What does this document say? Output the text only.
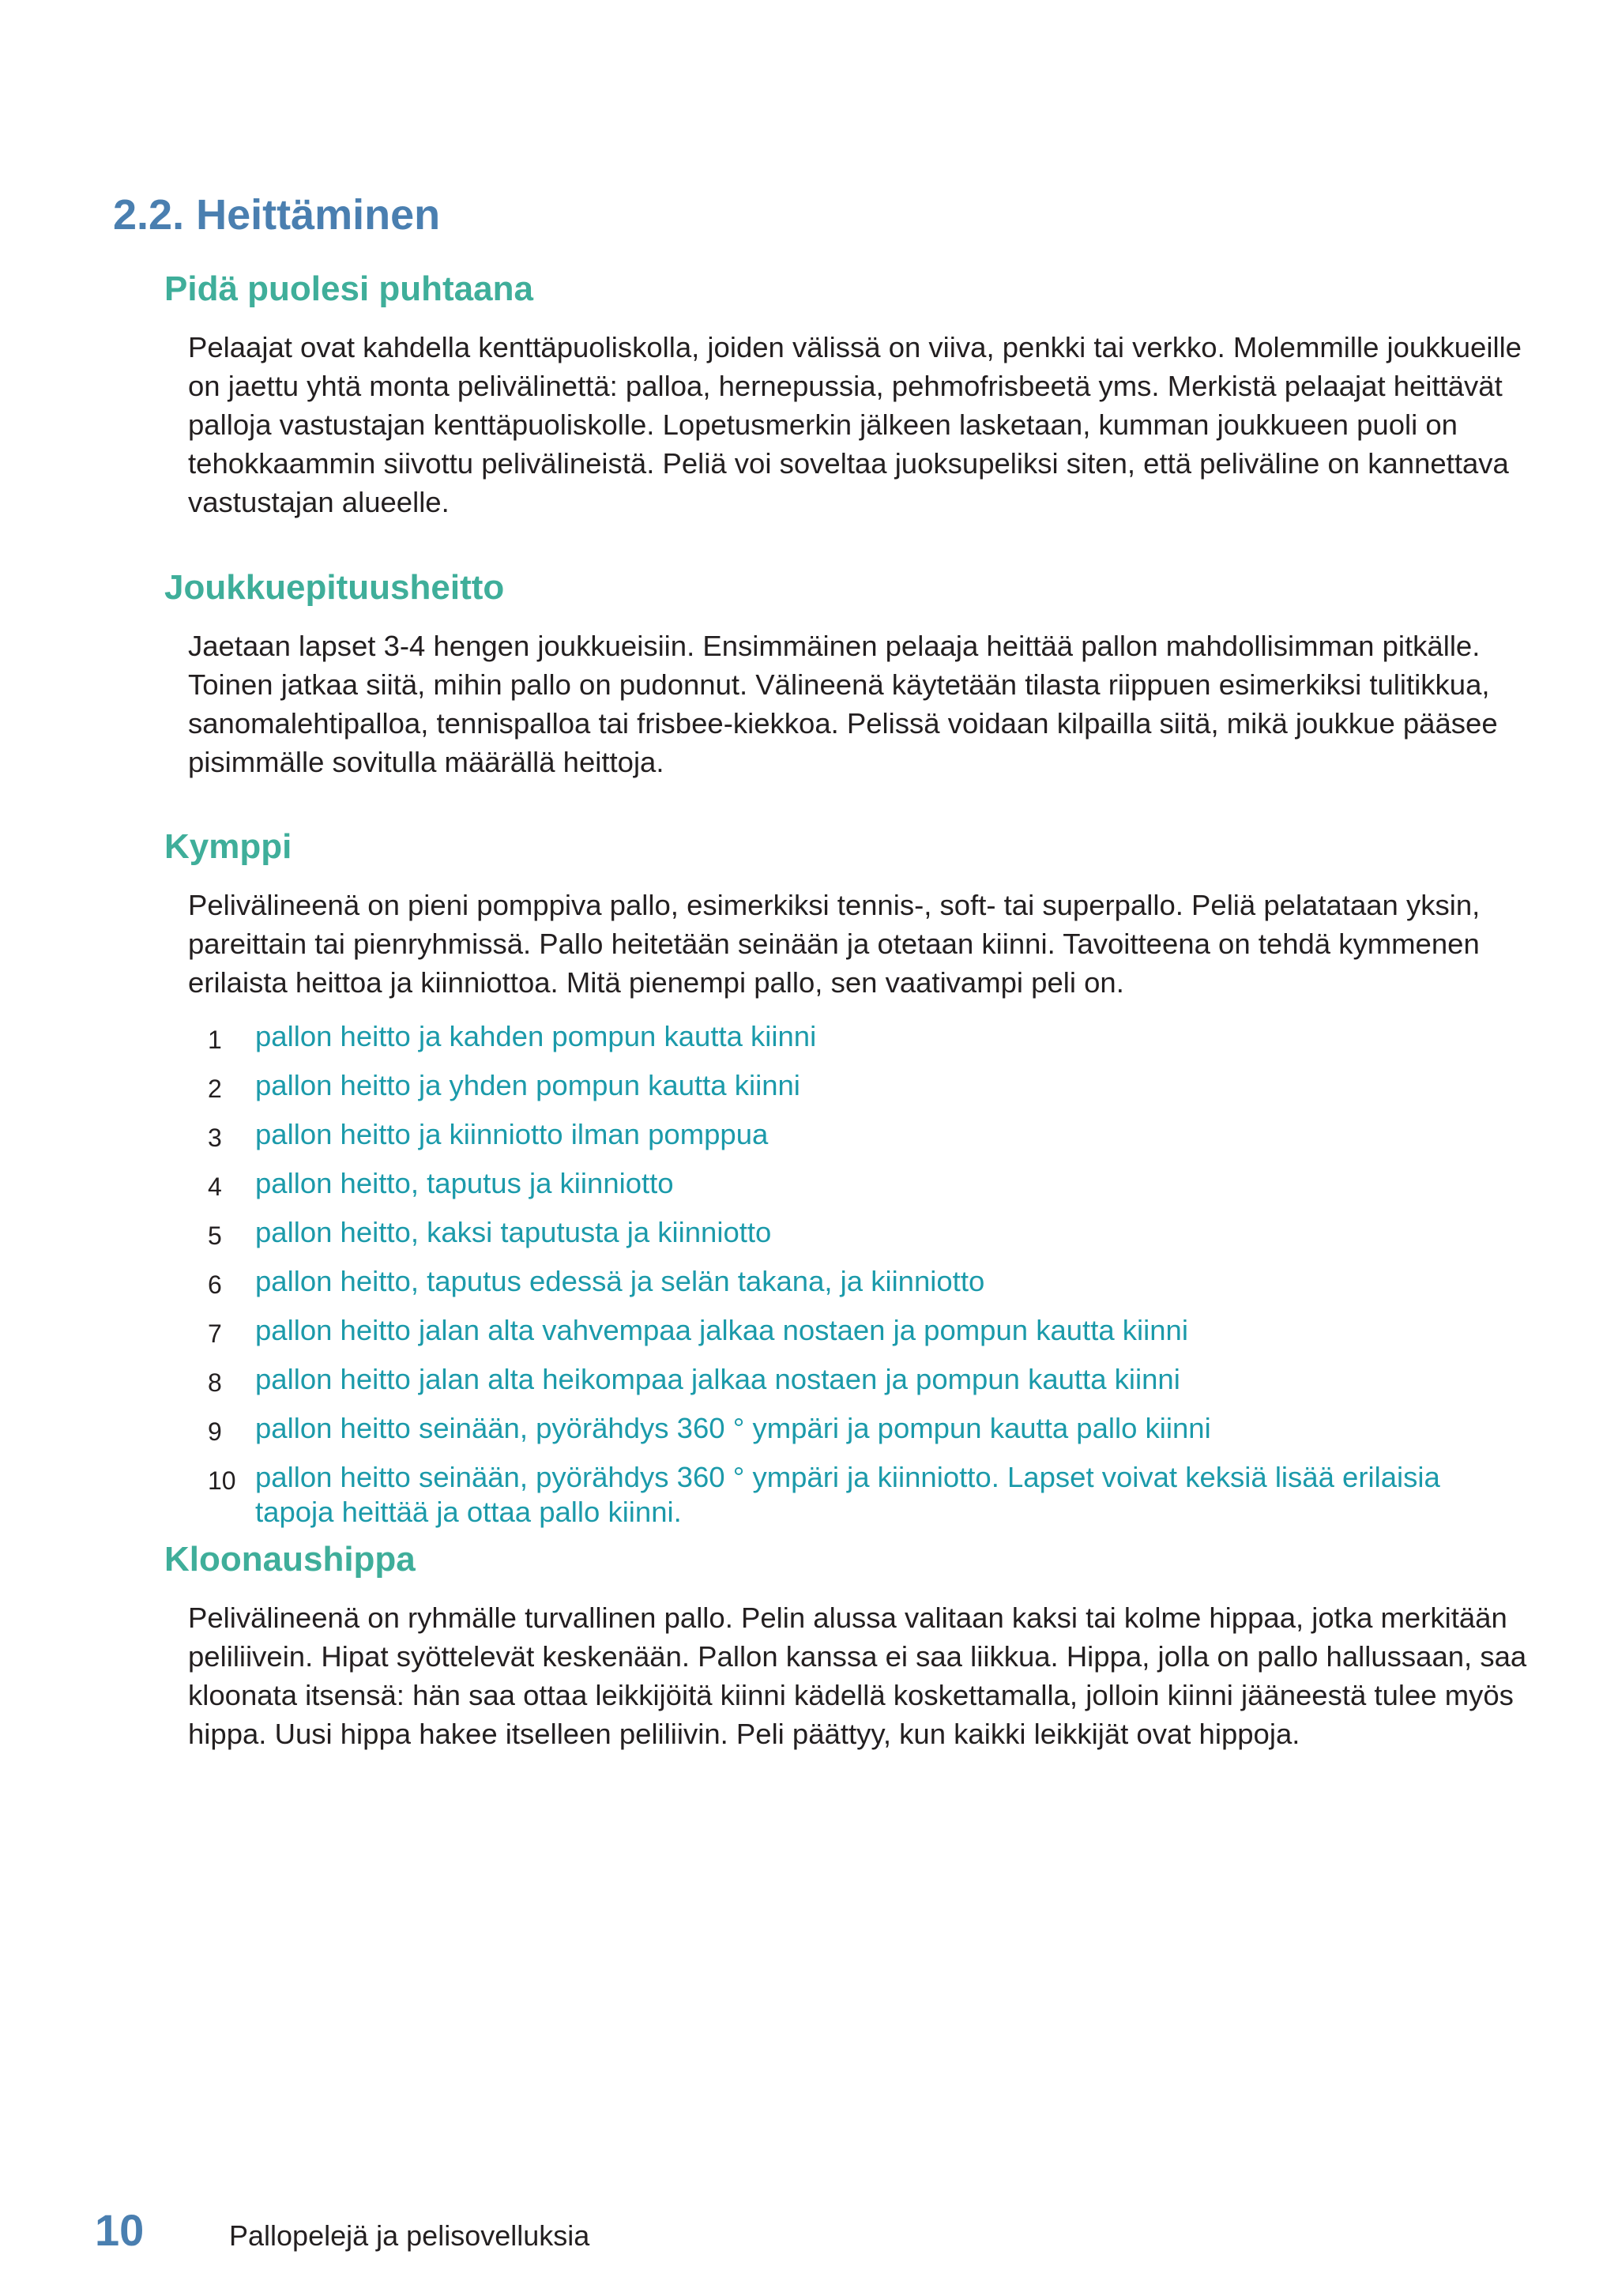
2.2. Heittäminen
Pidä puolesi puhtaana

Pelaajat ovat kahdella kenttäpuoliskolla, joiden välissä on viiva, penkki tai verkko. Molemmille joukkueille on jaettu yhtä monta pelivälinettä: palloa, hernepussia, pehmofrisbeetä yms. Merkistä pelaajat heittävät palloja vastustajan kenttäpuoliskolle. Lopetusmerkin jälkeen lasketaan, kumman joukkueen puoli on tehokkaammin siivottu pelivälineistä. Peliä voi soveltaa juoksupeliksi siten, että peliväline on kannettava vastustajan alueelle.

Joukkuepituusheitto

Jaetaan lapset 3-4 hengen joukkueisiin. Ensimmäinen pelaaja heittää pallon mahdollisimman pitkälle. Toinen jatkaa siitä, mihin pallo on pudonnut. Välineenä käytetään tilasta riippuen esimerkiksi tulitikkua, sanomalehtipalloa, tennispalloa tai frisbee-kiekkoa. Pelissä voidaan kilpailla siitä, mikä joukkue pääsee pisimmälle sovitulla määrällä heittoja.

Kymppi

Pelivälineenä on pieni pomppiva pallo, esimerkiksi tennis-, soft- tai superpallo. Peliä pelatataan yksin, pareittain tai pienryhmissä. Pallo heitetään seinään ja otetaan kiinni. Tavoitteena on tehdä kymmenen erilaista heittoa ja kiinniottoa. Mitä pienempi pallo, sen vaativampi peli on.

1	pallon heitto ja kahden pompun kautta kiinni
2	pallon heitto ja yhden pompun kautta kiinni
3	pallon heitto ja kiinniotto ilman pomppua
4	pallon heitto, taputus ja kiinniotto
5	pallon heitto, kaksi taputusta ja kiinniotto
6	pallon heitto, taputus edessä ja selän takana, ja kiinniotto
7	pallon heitto jalan alta vahvempaa jalkaa nostaen ja pompun kautta kiinni
8	pallon heitto jalan alta heikompaa jalkaa nostaen ja pompun kautta kiinni
9	pallon heitto seinään, pyörähdys 360 ° ympäri ja pompun kautta pallo kiinni
10 pallon heitto seinään, pyörähdys 360 ° ympäri ja kiinniotto. Lapset voivat keksiä lisää erilaisia tapoja heittää ja ottaa pallo kiinni.
Kloonaushippa

Pelivälineenä on ryhmälle turvallinen pallo. Pelin alussa valitaan kaksi tai kolme hippaa, jotka merkitään peliliivein. Hipat syöttelevät keskenään. Pallon kanssa ei saa liikkua. Hippa, jolla on pallo hallussaan, saa kloonata itsensä: hän saa ottaa leikkijöitä kiinni kädellä koskettamalla, jolloin kiinni jääneestä tulee myös hippa. Uusi hippa hakee itselleen peliliivin. Peli päättyy, kun kaikki leikkijät ovat hippoja.

10	Pallopelejä ja pelisovelluksia
